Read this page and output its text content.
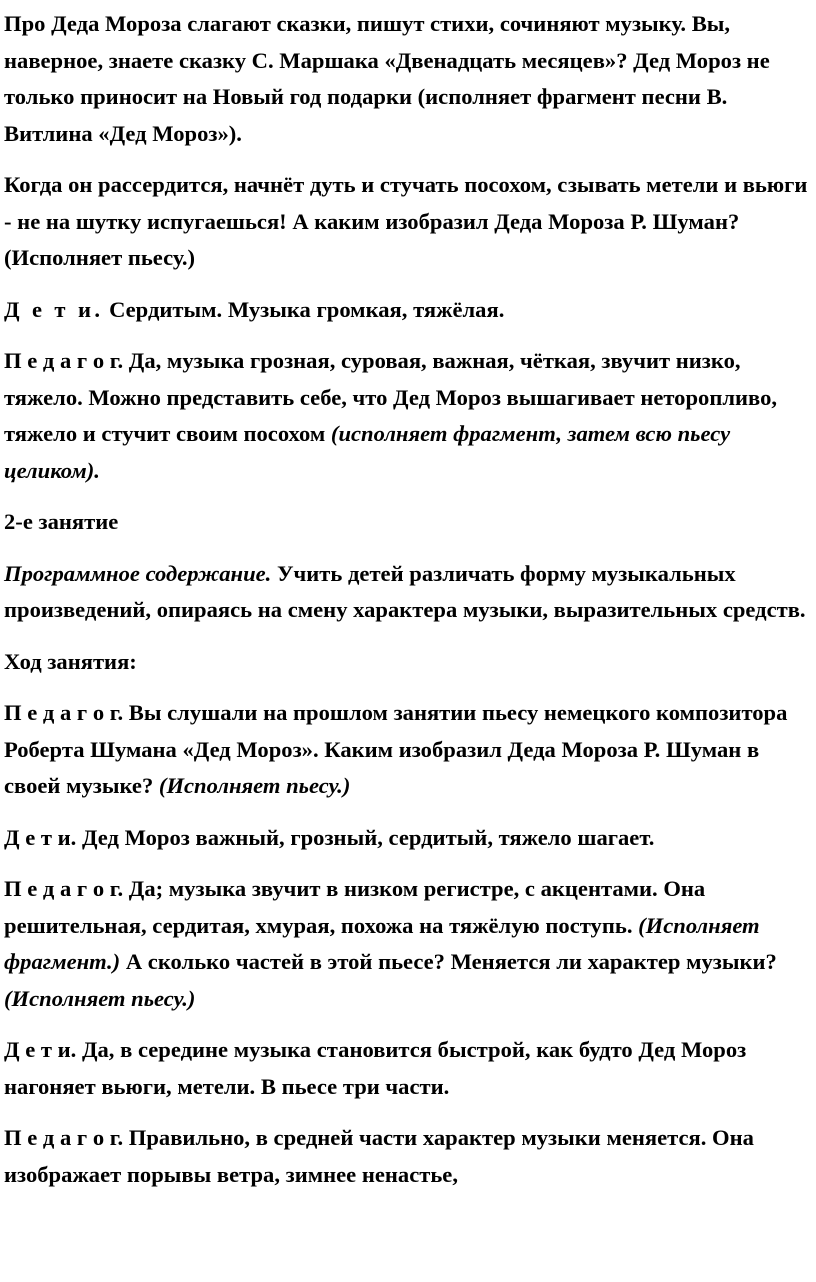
Про Деда Мороза слагают сказки, пишут стихи, сочиняют музыку. Вы, наверное, знаете сказку С. Маршака «Двенадцать месяцев»? Дед Мороз не только приносит на Новый год подарки (исполняет фрагмент песни В. Витлина «Дед Мороз»).

Когда он рассердится, начнёт дуть и стучать посохом, сзывать метели и вьюги - не на шутку испугаешься! А каким изобразил Деда Мороза Р. Шуман? (Исполняет пьесу.)

Д е т и. Сердитым. Музыка громкая, тяжёлая.

П е д а г о г. Да, музыка грозная, суровая, важная, чёткая, звучит низко, тяжело. Можно представить себе, что Дед Мороз вышагивает неторопливо, тяжело и стучит своим посохом (исполняет фрагмент, затем всю пьесу целиком).

2-е занятие

Программное содержание. Учить детей различать форму музыкальных произведений, опираясь на смену характера музыки, выразительных средств.

Ход занятия:

П е д а г о г. Вы слушали на прошлом занятии пьесу немецкого композитора Роберта Шумана «Дед Мороз». Каким изобразил Деда Мороза Р. Шуман в своей музыке? (Исполняет пьесу.)

Д е т и. Дед Мороз важный, грозный, сердитый, тяжело шагает.

П е д а г о г. Да; музыка звучит в низком регистре, с акцентами. Она решительная, сердитая, хмурая, похожа на тяжёлую поступь. (Исполняет фрагмент.) А сколько частей в этой пьесе? Меняется ли характер музыки? (Исполняет пьесу.)

Д е т и. Да, в середине музыка становится быстрой, как будто Дед Мороз нагоняет вьюги, метели. В пьесе три части.

П е д а г о г. Правильно, в средней части характер музыки меняется. Она изображает порывы ветра, зимнее ненастье,
